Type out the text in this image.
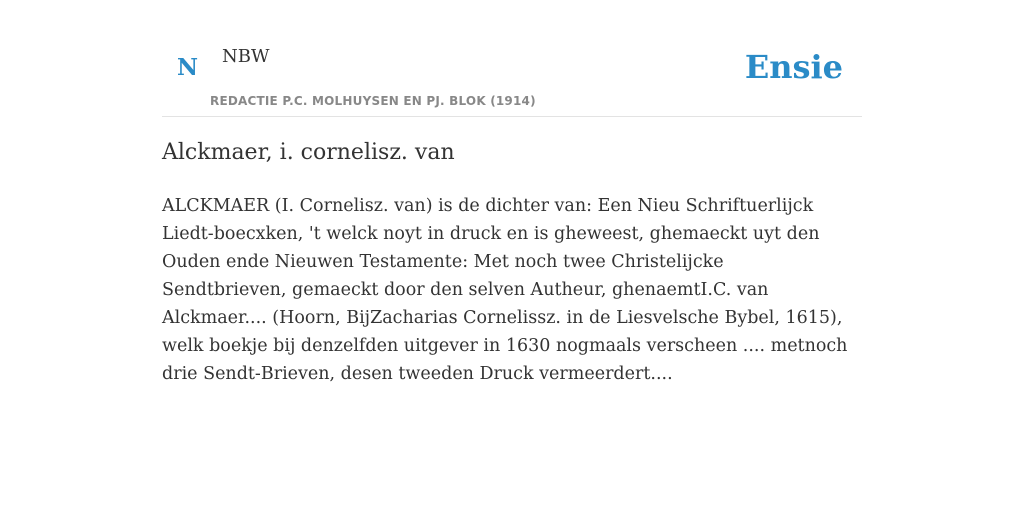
N NBW
REDACTIE P.C. MOLHUYSEN EN PJ. BLOK (1914)
Ensie
Alckmaer, i. cornelisz. van

ALCKMAER (I. Cornelisz. van) is de dichter van: Een Nieu Schriftuerlijck Liedt-boecxken, 't welck noyt in druck en is gheweest, ghemaeckt uyt den Ouden ende Nieuwen Testamente: Met noch twee Christelijcke Sendtbrieven, gemaeckt door den selven Autheur, ghenaemtI.C. van Alckmaer.... (Hoorn, BijZacharias Cornelissz. in de Liesvelsche Bybel, 1615), welk boekje bij denzelfden uitgever in 1630 nogmaals verscheen .... metnoch drie Sendt-Brieven, desen tweeden Druck vermeerdert....
